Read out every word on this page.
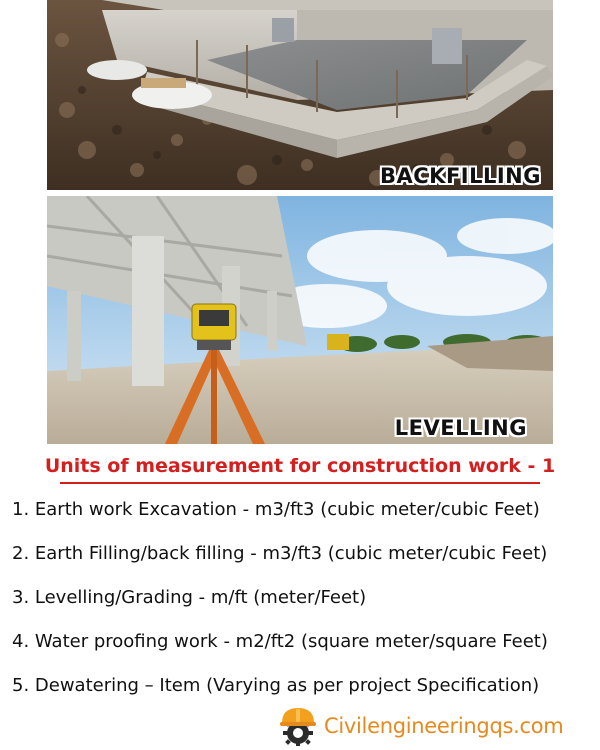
BACKFILLING
LEVELLING
Units of measurement for construction work - 1
1. Earth work Excavation - m3/ft3 (cubic meter/cubic Feet)
2. Earth Filling/back filling - m3/ft3 (cubic meter/cubic Feet)
3. Levelling/Grading - m/ft (meter/Feet)
4. Water proofing work - m2/ft2 (square meter/square Feet)
5. Dewatering – Item (Varying as per project Specification)
Civilengineeringqs.com
